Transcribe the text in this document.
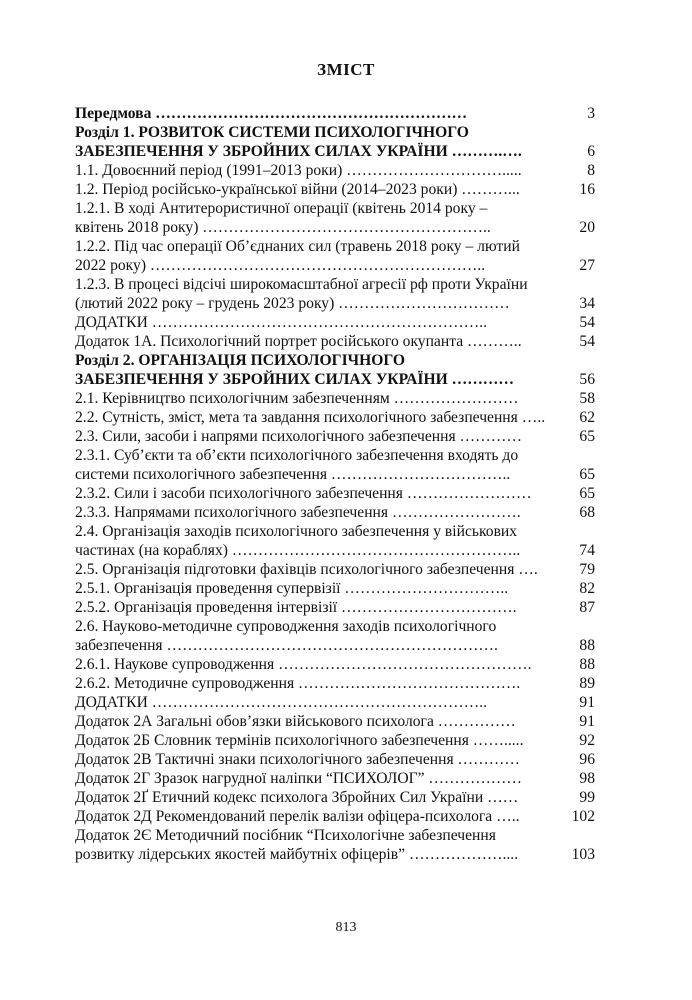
ЗМІСТ
Передмова ……………………………………………………	3
Розділ 1. РОЗВИТОК СИСТЕМИ ПСИХОЛОГІЧНОГО
ЗАБЕЗПЕЧЕННЯ У ЗБРОЙНИХ СИЛАХ УКРАЇНИ ……….….	6
1.1. Довоєнний період (1991–2013 роки) ………………………….....	8
1.2. Період російсько-української війни (2014–2023 роки) ………...	16
1.2.1. В ході Антитерористичної операції (квітень 2014 року –
квітень 2018 року) ………………………………………………..	20
1.2.2. Під час операції Об’єднаних сил (травень 2018 року – лютий
2022 року) ………………………………………………………..	27
1.2.3. В процесі відсічі широкомасштабної агресії рф проти України
(лютий 2022 року – грудень 2023 року) ……………………………	34
ДОДАТКИ ………………………………………………………..	54
Додаток 1А. Психологічний портрет російського окупанта ………..	54
Розділ 2. ОРГАНІЗАЦІЯ ПСИХОЛОГІЧНОГО
ЗАБЕЗПЕЧЕННЯ У ЗБРОЙНИХ СИЛАХ УКРАЇНИ …………	56
2.1. Керівництво психологічним забезпеченням ……………………	58
2.2. Сутність, зміст, мета та завдання психологічного забезпечення …..	62
2.3. Сили, засоби і напрями психологічного забезпечення …………	65
2.3.1. Суб’єкти та об’єкти психологічного забезпечення входять до
системи психологічного забезпечення ……………………………..	65
2.3.2. Сили і засоби психологічного забезпечення ……………………	65
2.3.3. Напрямами психологічного забезпечення …………………….	68
2.4. Організація заходів психологічного забезпечення у військових
частинах (на кораблях) ………………………………………………..	74
2.5. Організація підготовки фахівців психологічного забезпечення ….	79
2.5.1. Організація проведення супервізії …………………………..	82
2.5.2. Організація проведення інтервізії …………………………….	87
2.6. Науково-методичне супроводження заходів психологічного
забезпечення ……………………………………………………….	88
2.6.1. Наукове супроводження ………………………………………….	88
2.6.2. Методичне супроводження …………………………………….	89
ДОДАТКИ ………………………………………………………..	91
Додаток 2А Загальні обов’язки військового психолога ……………	91
Додаток 2Б Словник термінів психологічного забезпечення …….....	92
Додаток 2В Тактичні знаки психологічного забезпечення …………	96
Додаток 2Г Зразок нагрудної наліпки “ПСИХОЛОГ” ………………	98
Додаток 2Ґ Етичний кодекс психолога Збройних Сил України ……	99
Додаток 2Д Рекомендований перелік валізи офіцера-психолога …..	102
Додаток 2Є Методичний посібник “Психологічне забезпечення
розвитку лідерських якостей майбутніх офіцерів” ………………....	103
813
